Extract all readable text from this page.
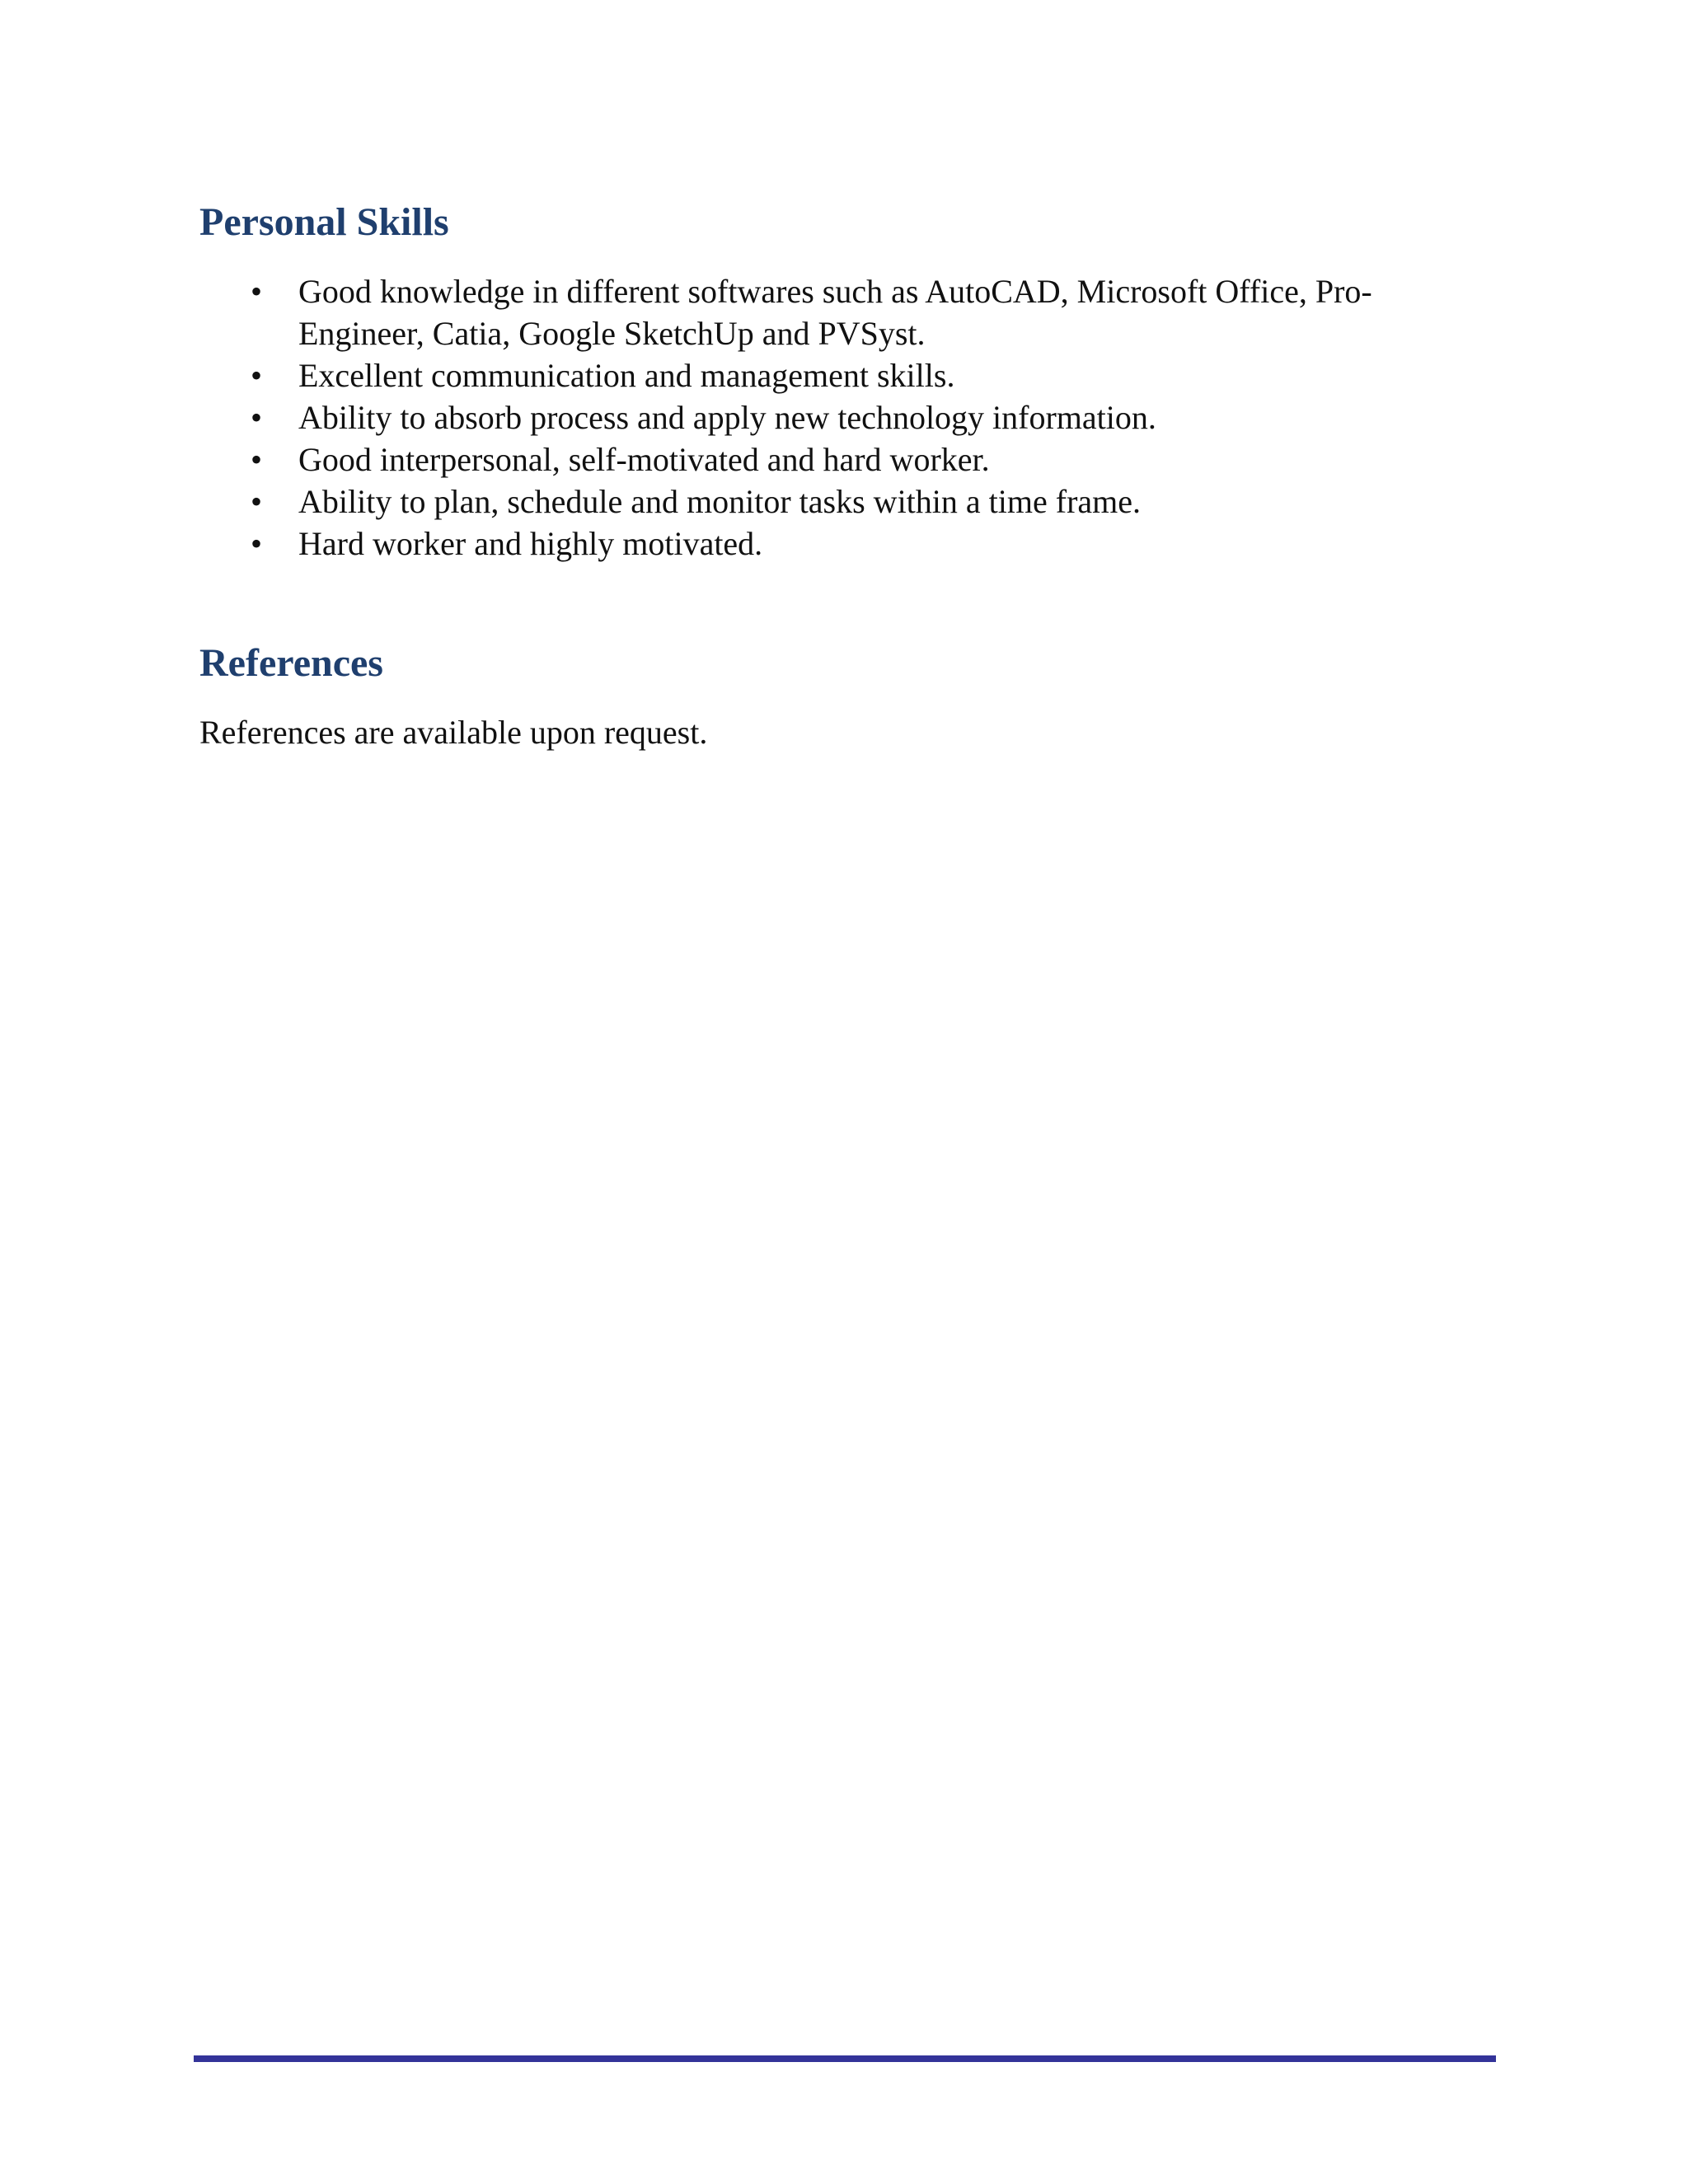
Personal Skills
• Good knowledge in different softwares such as AutoCAD, Microsoft Office, Pro-Engineer, Catia, Google SketchUp and PVSyst.
• Excellent communication and management skills.
• Ability to absorb process and apply new technology information.
• Good interpersonal, self-motivated and hard worker.
• Ability to plan, schedule and monitor tasks within a time frame.
• Hard worker and highly motivated.
References

References are available upon request.
